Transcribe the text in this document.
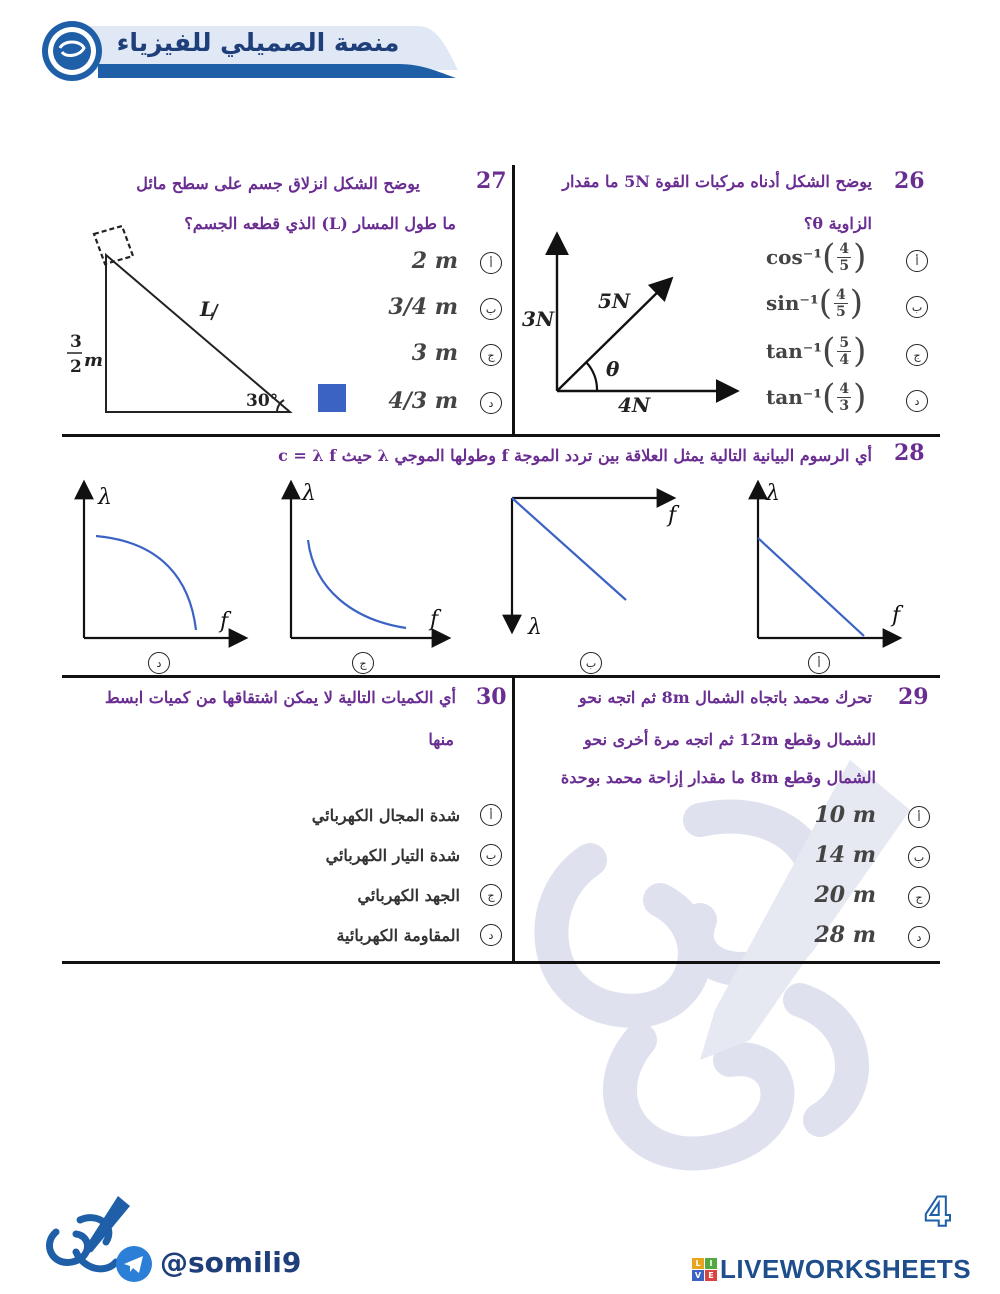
منصة الصميلي للفيزياء
26
يوضح الشكل أدناه مركبات القوة 5N ما مقدار
الزاوية θ؟
3N
4N
5N
θ
أ
cos⁻¹ ( $\frac{4}{5}$ )
ب
sin⁻¹ ( $\frac{4}{5}$ )
ج
tan⁻¹ ( $\frac{5}{4}$ )
د
tan⁻¹ ( $\frac{4}{3}$ )
27
يوضح الشكل انزلاق جسم على سطح مائل
ما طول المسار (L) الذي قطعه الجسم؟
L
30°
3
2 m
أ
2 m
ب
3/4 m
ج
3 m
د
4/3 m
28
أي الرسوم البيانية التالية يمثل العلاقة بين تردد الموجة f وطولها الموجي λ حيث c = λ f
λ
f
f
λ
λ
f
λ
f
أ
ب
ج
د
29
تحرك محمد باتجاه الشمال 8m ثم اتجه نحو
الشمال وقطع 12m ثم اتجه مرة أخرى نحو
الشمال وقطع 8m ما مقدار إزاحة محمد بوحدة
أ
10 m
ب
14 m
ج
20 m
د
28 m
30
أي الكميات التالية لا يمكن اشتقاقها من كميات ابسط
منها
أ
شدة المجال الكهربائي
ب
شدة التيار الكهربائي
ج
الجهد الكهربائي
د
المقاومة الكهربائية
@somili9
4
L	I
V E LIVEWORKSHEETS
